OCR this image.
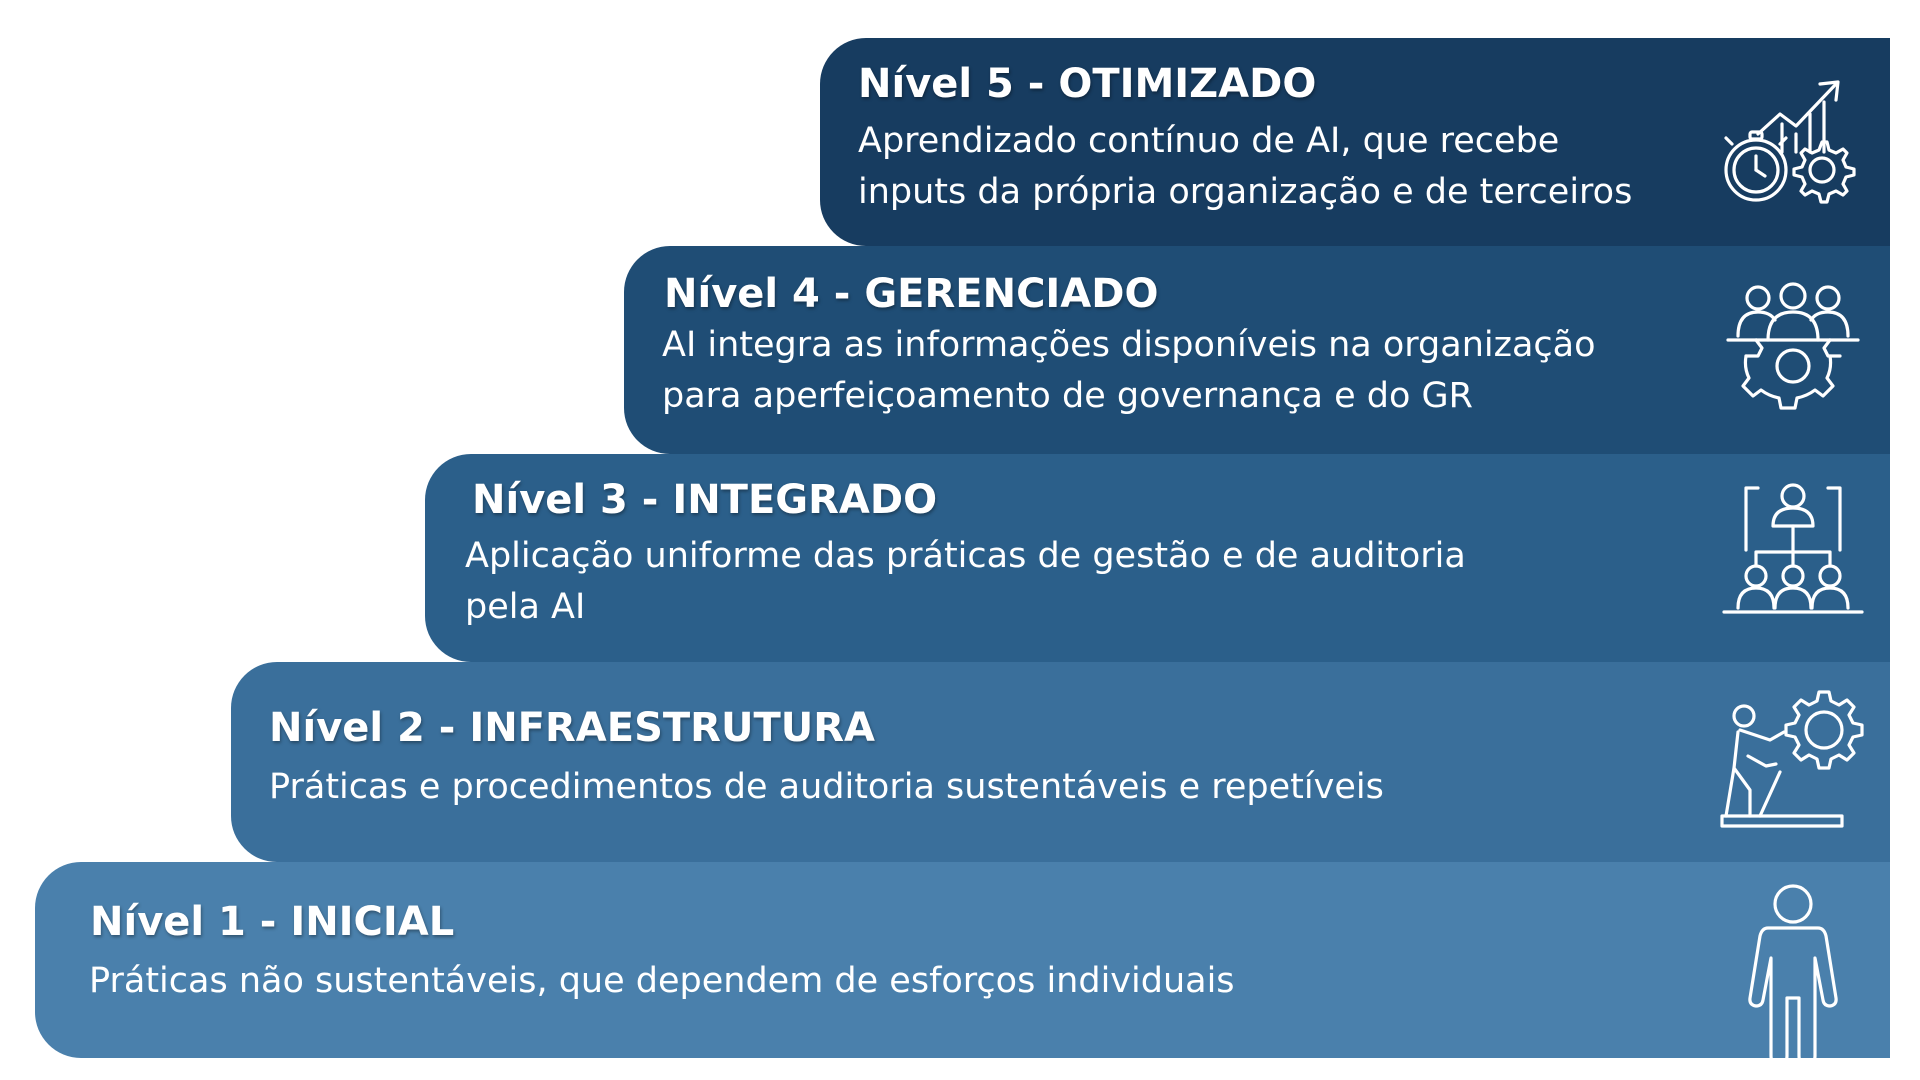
Nível 5 - OTIMIZADO
Aprendizado contínuo de AI, que recebe
inputs da própria organização e de terceiros
Nível 4 - GERENCIADO
AI integra as informações disponíveis na organização
para aperfeiçoamento de governança e do GR
Nível 3 - INTEGRADO
Aplicação uniforme das práticas de gestão e de auditoria
pela AI
Nível 2 - INFRAESTRUTURA
Práticas e procedimentos de auditoria sustentáveis e repetíveis
Nível 1 - INICIAL
Práticas não sustentáveis, que dependem de esforços individuais
